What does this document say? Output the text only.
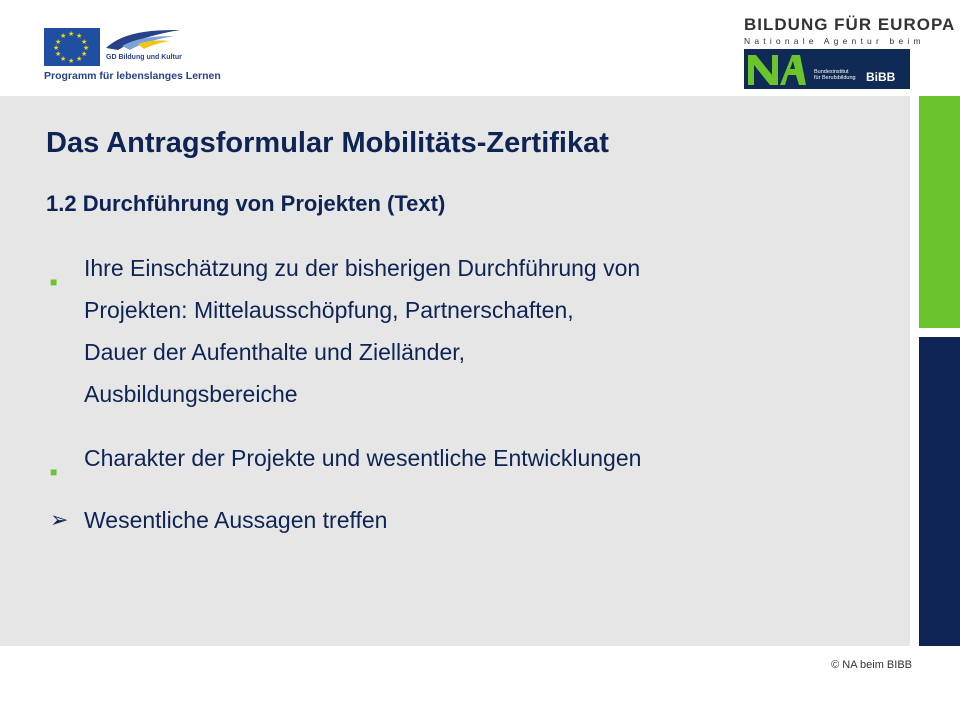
★ ★
★
★
★
★
★
★
★
★
★
★
GD Bildung und Kultur
Programm für lebenslanges Lernen
BILDUNG FÜR EUROPA
Nationale Agentur beim
Bundesinstitut
für Berufsbildung BiBB
Das Antragsformular Mobilitäts-Zertifikat
1.2 Durchführung von Projekten (Text)
■
Ihre Einschätzung zu der bisherigen Durchführung von
Projekten: Mittelausschöpfung, Partnerschaften,
Dauer der Aufenthalte und Zielländer,
Ausbildungsbereiche
■
Charakter der Projekte und wesentliche Entwicklungen
➢ Wesentliche Aussagen treffen
© NA beim BIBB
